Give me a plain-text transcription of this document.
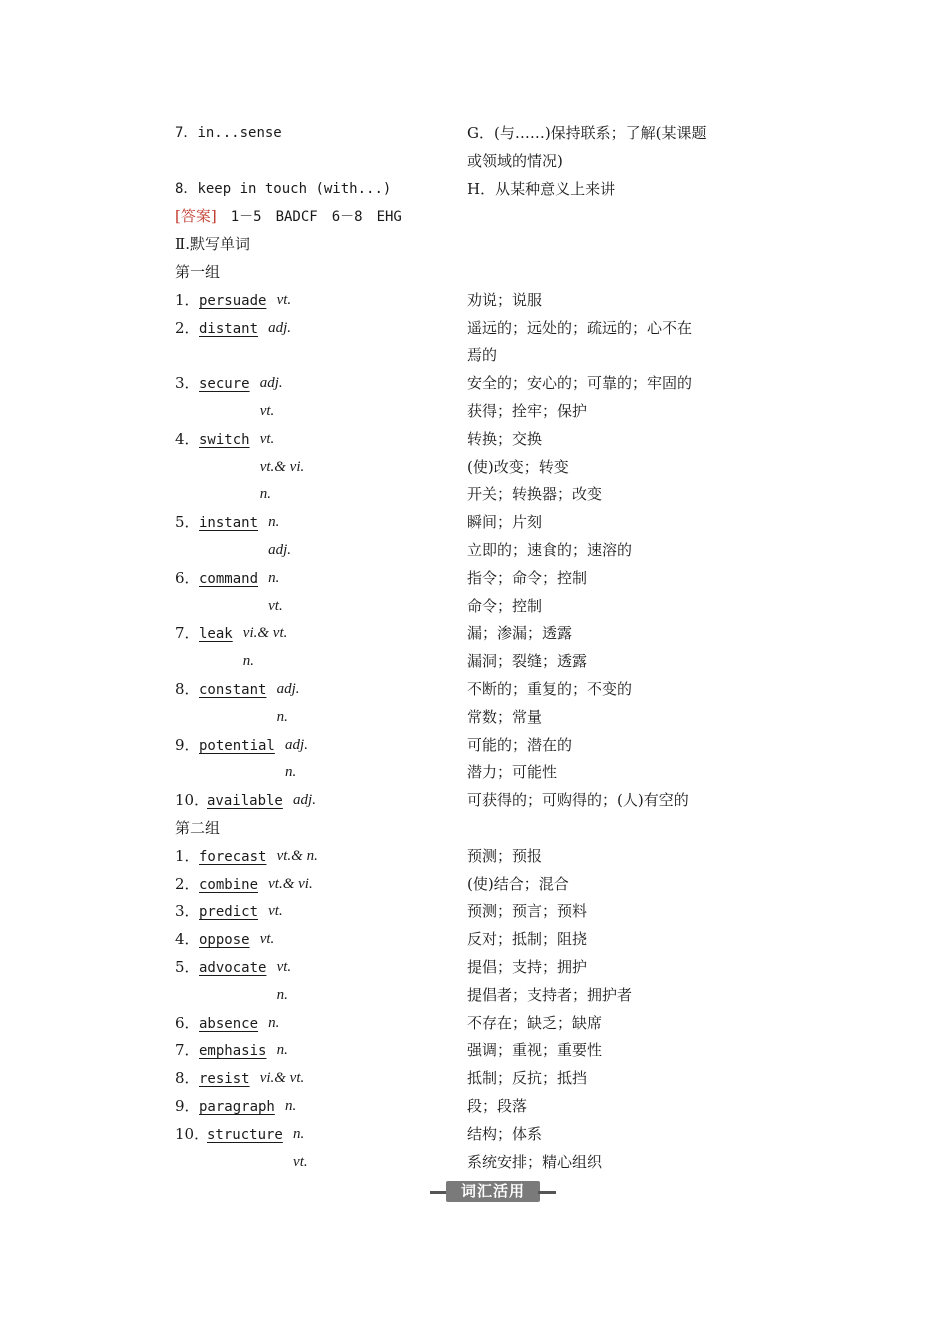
7．in...sense	G．(与……)保持联系；了解(某课题
或领域的情况)
8．keep in touch (with...)	H．从某种意义上来讲
[答案] 1－5　BADCF　6－8　EHG
Ⅱ.默写单词
第一组
1．persuade vt.	劝说；说服
2．distant adj.	遥远的；远处的；疏远的；心不在
焉的
3．secure adj.	安全的；安心的；可靠的；牢固的
vt.	获得；拴牢；保护
4．switch vt.	转换；交换
vt.& vi.	(使)改变；转变
n.	开关；转换器；改变
5．instant n.	瞬间；片刻
adj.	立即的；速食的；速溶的
6．command n.	指令；命令；控制
vt.	命令；控制
7．leak vi.& vt.	漏；渗漏；透露
n.	漏洞；裂缝；透露
8．constant adj.	不断的；重复的；不变的
n.	常数；常量
9．potential adj.	可能的；潜在的
n.	潜力；可能性
10．available adj.	可获得的；可购得的；(人)有空的
第二组
1．forecast vt.& n.	预测；预报
2．combine vt.& vi.	(使)结合；混合
3．predict vt.	预测；预言；预料
4．oppose vt.	反对；抵制；阻挠
5．advocate vt.	提倡；支持；拥护
n.	提倡者；支持者；拥护者
6．absence n.	不存在；缺乏；缺席
7．emphasis n.	强调；重视；重要性
8．resist vi.& vt.	抵制；反抗；抵挡
9．paragraph n.	段；段落
10．structure n.	结构；体系
vt.	系统安排；精心组织
词汇活用
